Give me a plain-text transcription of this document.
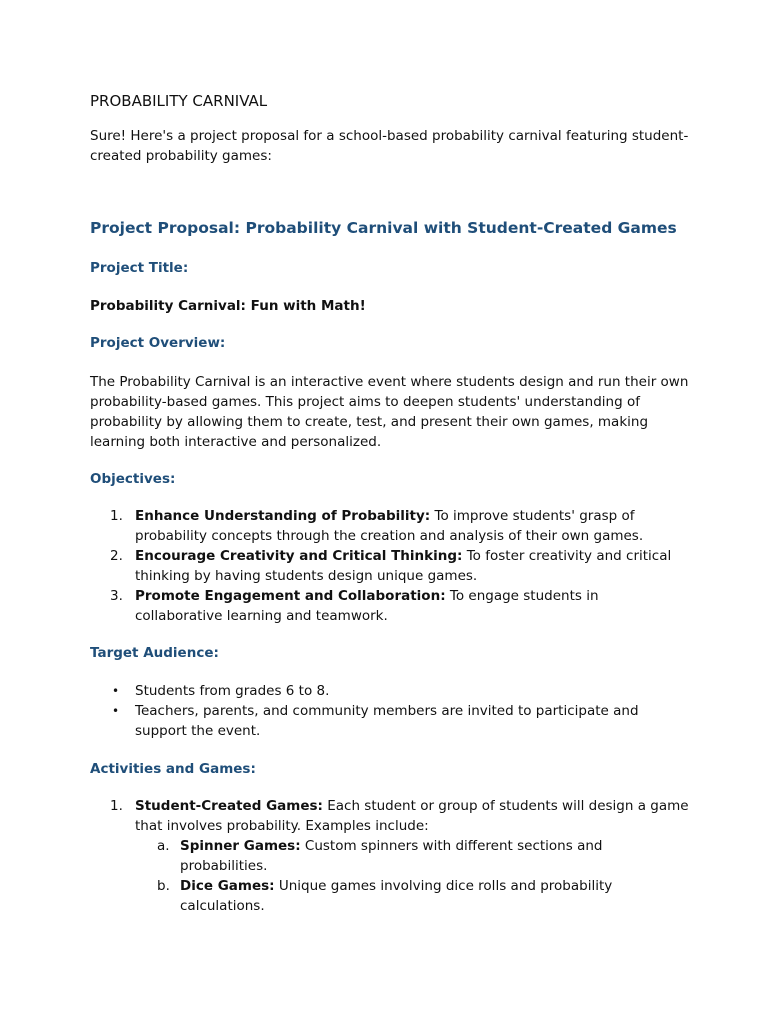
PROBABILITY CARNIVAL

Sure! Here's a project proposal for a school-based probability carnival featuring student-created probability games:

Project Proposal: Probability Carnival with Student-Created Games
Project Title:

Probability Carnival: Fun with Math!

Project Overview:

The Probability Carnival is an interactive event where students design and run their own probability-based games. This project aims to deepen students' understanding of probability by allowing them to create, test, and present their own games, making learning both interactive and personalized.

Objectives:
1. Enhance Understanding of Probability: To improve students' grasp of probability concepts through the creation and analysis of their own games.
2. Encourage Creativity and Critical Thinking: To foster creativity and critical thinking by having students design unique games.
3. Promote Engagement and Collaboration: To engage students in collaborative learning and teamwork.
Target Audience:
• Students from grades 6 to 8.
• Teachers, parents, and community members are invited to participate and support the event.
Activities and Games:
1. Student-Created Games: Each student or group of students will design a game that involves probability. Examples include:
a. Spinner Games: Custom spinners with different sections and probabilities.
b. Dice Games: Unique games involving dice rolls and probability calculations.
